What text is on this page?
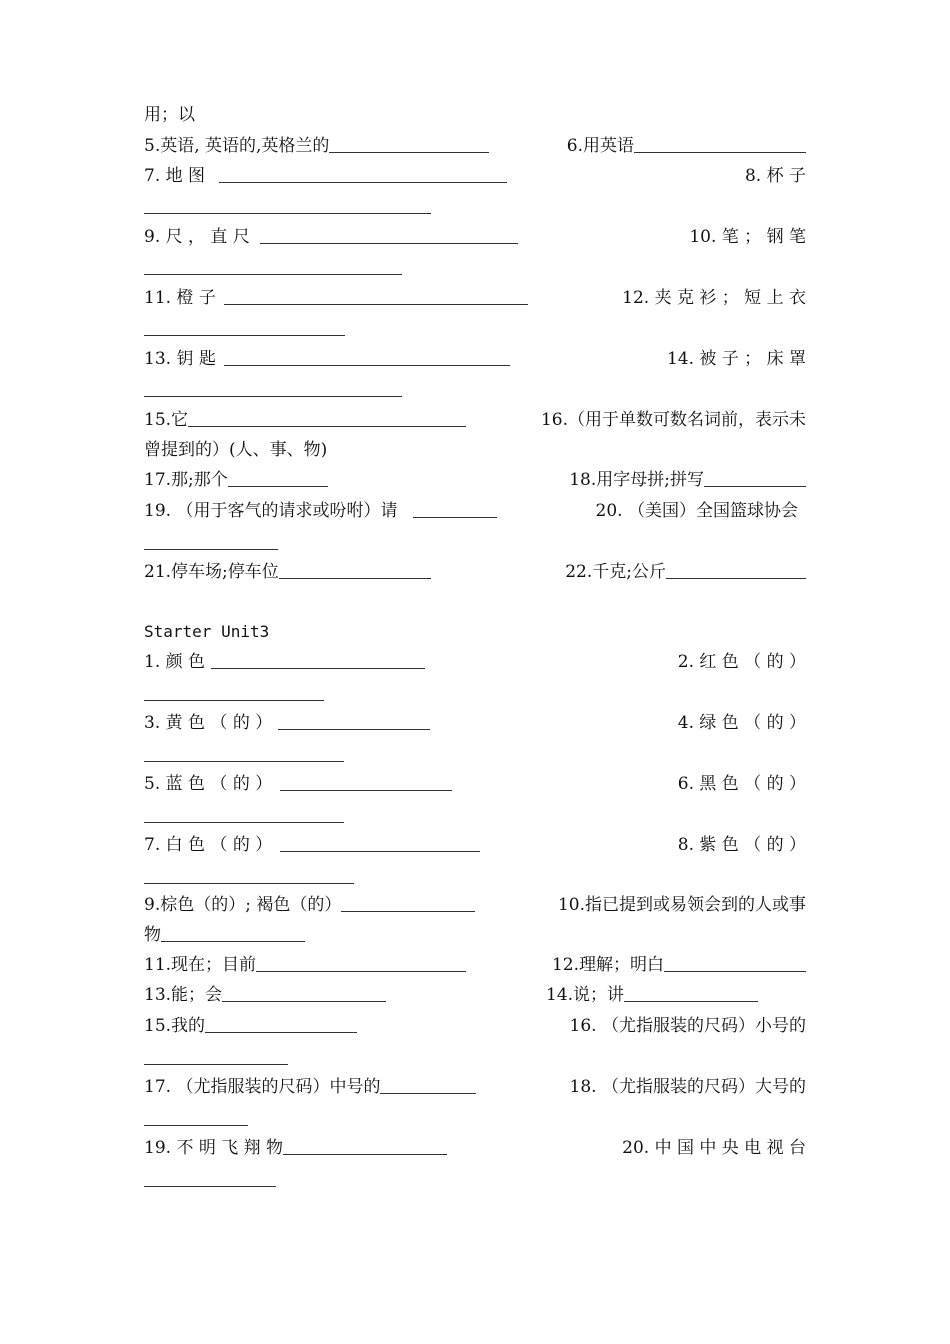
用；以
5.英语, 英语的,英格兰的	6.用英语
7. 地 图	8. 杯 子
9. 尺 ， 直 尺	10. 笔 ； 钢 笔
11. 橙 子	12. 夹 克 衫 ； 短 上 衣
13. 钥 匙	14. 被 子 ； 床 罩
15.它	16.（用于单数可数名词前，表示未
曾提到的）(人、事、物)
17.那;那个	18.用字母拼;拼写
19. （用于客气的请求或吩咐）请	20. （美国）全国篮球协会
21.停车场;停车位	22.千克;公斤
Starter Unit3
1. 颜 色	2. 红 色 （ 的 ）
3. 黄 色 （ 的 ）	4. 绿 色 （ 的 ）
5. 蓝 色 （ 的 ）	6. 黑 色 （ 的 ）
7. 白 色 （ 的 ）	8. 紫 色 （ 的 ）
9.棕色（的）; 褐色（的）	10.指已提到或易领会到的人或事
物
11.现在；目前	12.理解；明白
13.能；会	14.说；讲
15.我的	16. （尤指服装的尺码）小号的
17. （尤指服装的尺码）中号的	18. （尤指服装的尺码）大号的
19. 不 明 飞 翔 物	20. 中 国 中 央 电 视 台
